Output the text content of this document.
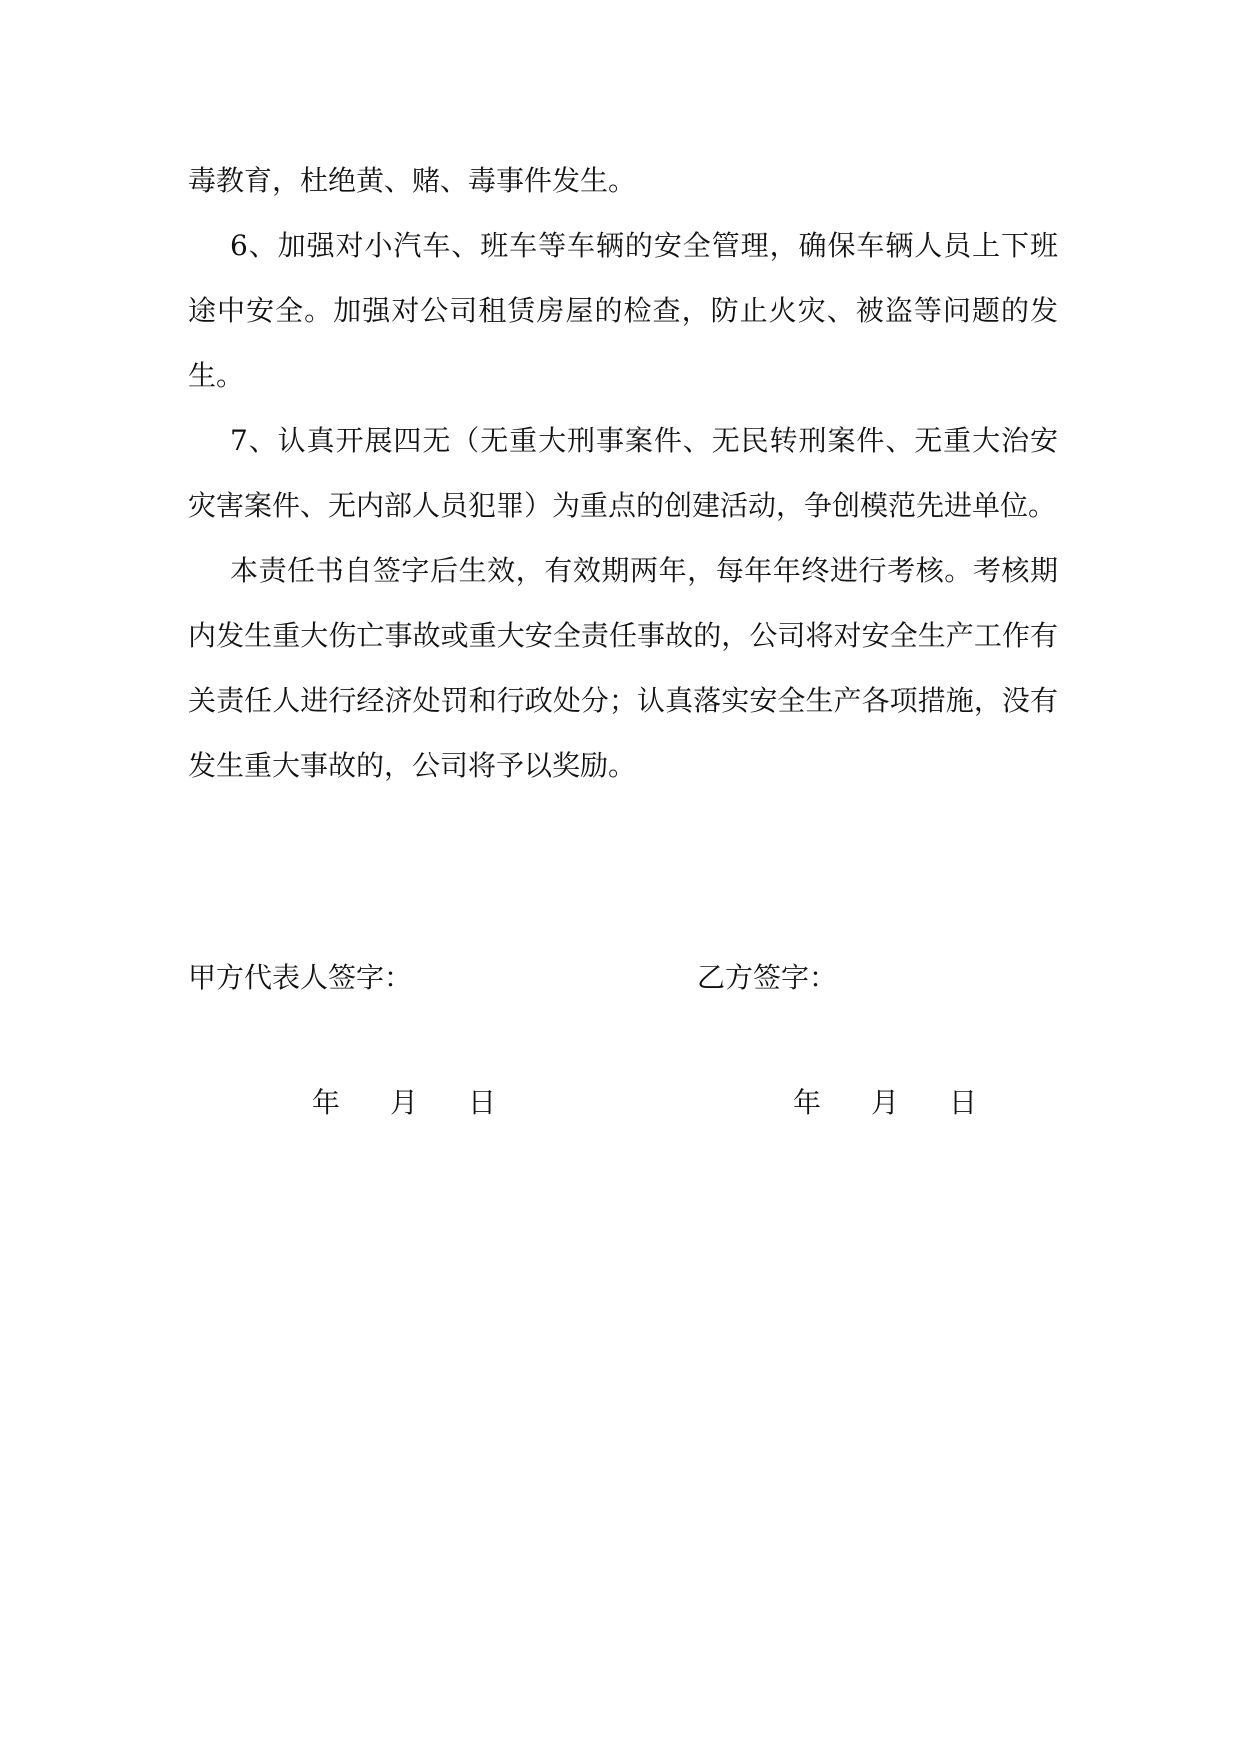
毒教育，杜绝黄、赌、毒事件发生。

6、加强对小汽车、班车等车辆的安全管理，确保车辆人员上下班途中安全。加强对公司租赁房屋的检查，防止火灾、被盗等问题的发生。

7、认真开展四无（无重大刑事案件、无民转刑案件、无重大治安灾害案件、无内部人员犯罪）为重点的创建活动，争创模范先进单位。

本责任书自签字后生效，有效期两年，每年年终进行考核。考核期内发生重大伤亡事故或重大安全责任事故的，公司将对安全生产工作有关责任人进行经济处罚和行政处分；认真落实安全生产各项措施，没有发生重大事故的，公司将予以奖励。

甲方代表人签字：	乙方签字：
年 月 日	年 月 日
